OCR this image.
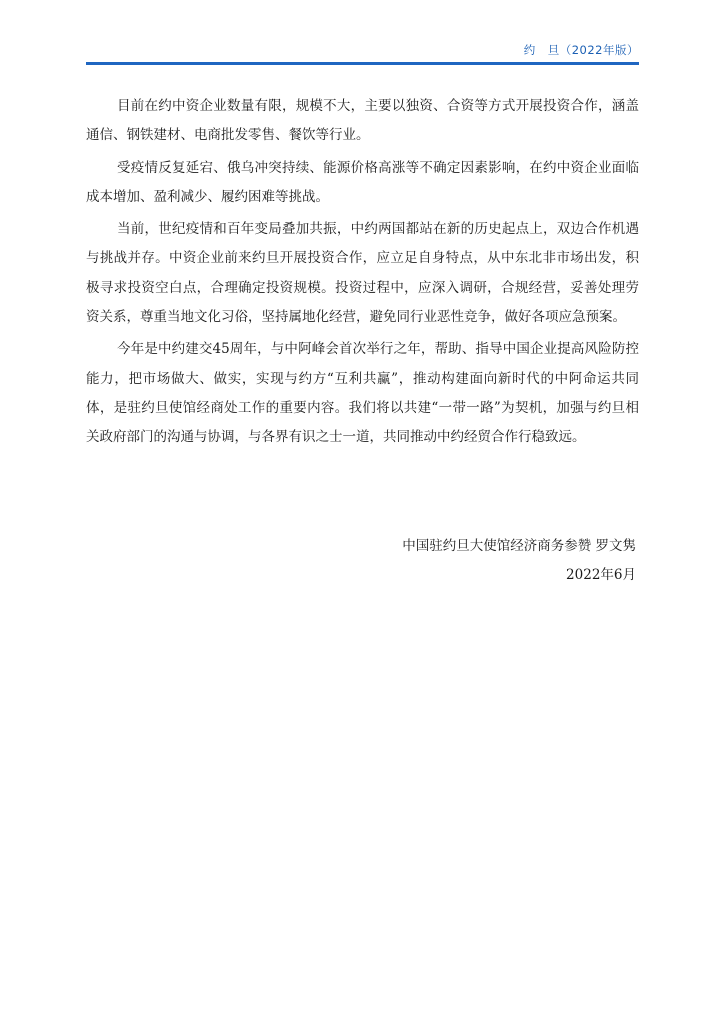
约　旦（2022年版）

目前在约中资企业数量有限，规模不大，主要以独资、合资等方式开展投资合作，涵盖通信、钢铁建材、电商批发零售、餐饮等行业。

受疫情反复延宕、俄乌冲突持续、能源价格高涨等不确定因素影响，在约中资企业面临成本增加、盈利减少、履约困难等挑战。

当前，世纪疫情和百年变局叠加共振，中约两国都站在新的历史起点上，双边合作机遇与挑战并存。中资企业前来约旦开展投资合作，应立足自身特点，从中东北非市场出发，积极寻求投资空白点，合理确定投资规模。投资过程中，应深入调研，合规经营，妥善处理劳资关系，尊重当地文化习俗，坚持属地化经营，避免同行业恶性竞争，做好各项应急预案。

今年是中约建交45周年，与中阿峰会首次举行之年，帮助、指导中国企业提高风险防控能力，把市场做大、做实，实现与约方“互利共赢”，推动构建面向新时代的中阿命运共同体，是驻约旦使馆经商处工作的重要内容。我们将以共建“一带一路”为契机，加强与约旦相关政府部门的沟通与协调，与各界有识之士一道，共同推动中约经贸合作行稳致远。

中国驻约旦大使馆经济商务参赞 罗文隽
2022年6月
